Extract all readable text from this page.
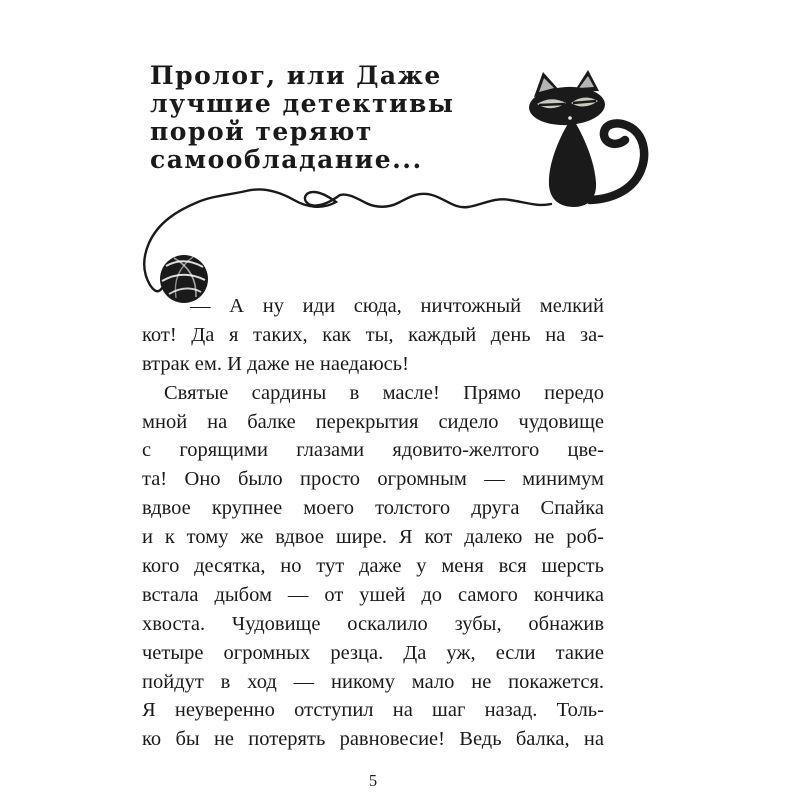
Пролог, или Даже
лучшие детективы
порой теряют
самообладание...
— А ну иди сюда, ничтожный мелкий
кот! Да я таких, как ты, каждый день на за-
втрак ем. И даже не наедаюсь!
Святые сардины в масле! Прямо передо
мной на балке перекрытия сидело чудовище
с горящими глазами ядовито-желтого цве-
та! Оно было просто огромным — минимум
вдвое крупнее моего толстого друга Спайка
и к тому же вдвое шире. Я кот далеко не роб-
кого десятка, но тут даже у меня вся шерсть
встала дыбом — от ушей до самого кончика
хвоста. Чудовище оскалило зубы, обнажив
четыре огромных резца. Да уж, если такие
пойдут в ход — никому мало не покажется.
Я неуверенно отступил на шаг назад. Толь-
ко бы не потерять равновесие! Ведь балка, на
5
